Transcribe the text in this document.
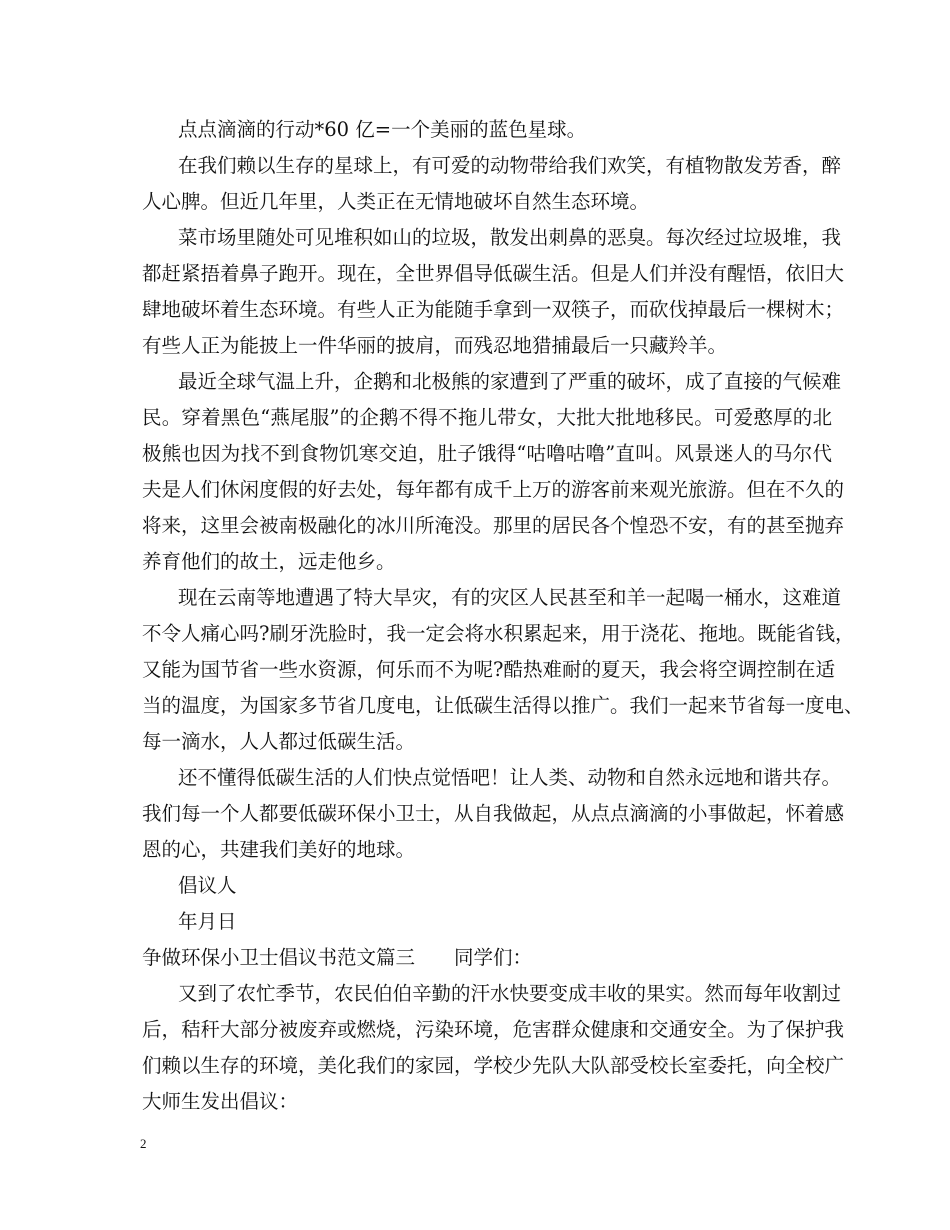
点点滴滴的行动*60 亿=一个美丽的蓝色星球。
在我们赖以生存的星球上，有可爱的动物带给我们欢笑，有植物散发芳香，醉
人心脾。但近几年里，人类正在无情地破坏自然生态环境。
菜市场里随处可见堆积如山的垃圾，散发出刺鼻的恶臭。每次经过垃圾堆，我
都赶紧捂着鼻子跑开。现在，全世界倡导低碳生活。但是人们并没有醒悟，依旧大
肆地破坏着生态环境。有些人正为能随手拿到一双筷子，而砍伐掉最后一棵树木；
有些人正为能披上一件华丽的披肩，而残忍地猎捕最后一只藏羚羊。
最近全球气温上升，企鹅和北极熊的家遭到了严重的破坏，成了直接的气候难
民。穿着黑色“燕尾服”的企鹅不得不拖儿带女，大批大批地移民。可爱憨厚的北
极熊也因为找不到食物饥寒交迫，肚子饿得“咕噜咕噜”直叫。风景迷人的马尔代
夫是人们休闲度假的好去处，每年都有成千上万的游客前来观光旅游。但在不久的
将来，这里会被南极融化的冰川所淹没。那里的居民各个惶恐不安，有的甚至抛弃
养育他们的故土，远走他乡。
现在云南等地遭遇了特大旱灾，有的灾区人民甚至和羊一起喝一桶水，这难道
不令人痛心吗?刷牙洗脸时，我一定会将水积累起来，用于浇花、拖地。既能省钱，
又能为国节省一些水资源，何乐而不为呢?酷热难耐的夏天，我会将空调控制在适
当的温度，为国家多节省几度电，让低碳生活得以推广。我们一起来节省每一度电、
每一滴水，人人都过低碳生活。
还不懂得低碳生活的人们快点觉悟吧！让人类、动物和自然永远地和谐共存。
我们每一个人都要低碳环保小卫士，从自我做起，从点点滴滴的小事做起，怀着感
恩的心，共建我们美好的地球。
倡议人
年月日
争做环保小卫士倡议书范文篇三　　同学们：
又到了农忙季节，农民伯伯辛勤的汗水快要变成丰收的果实。然而每年收割过
后，秸秆大部分被废弃或燃烧，污染环境，危害群众健康和交通安全。为了保护我
们赖以生存的环境，美化我们的家园，学校少先队大队部受校长室委托，向全校广
大师生发出倡议：
2
